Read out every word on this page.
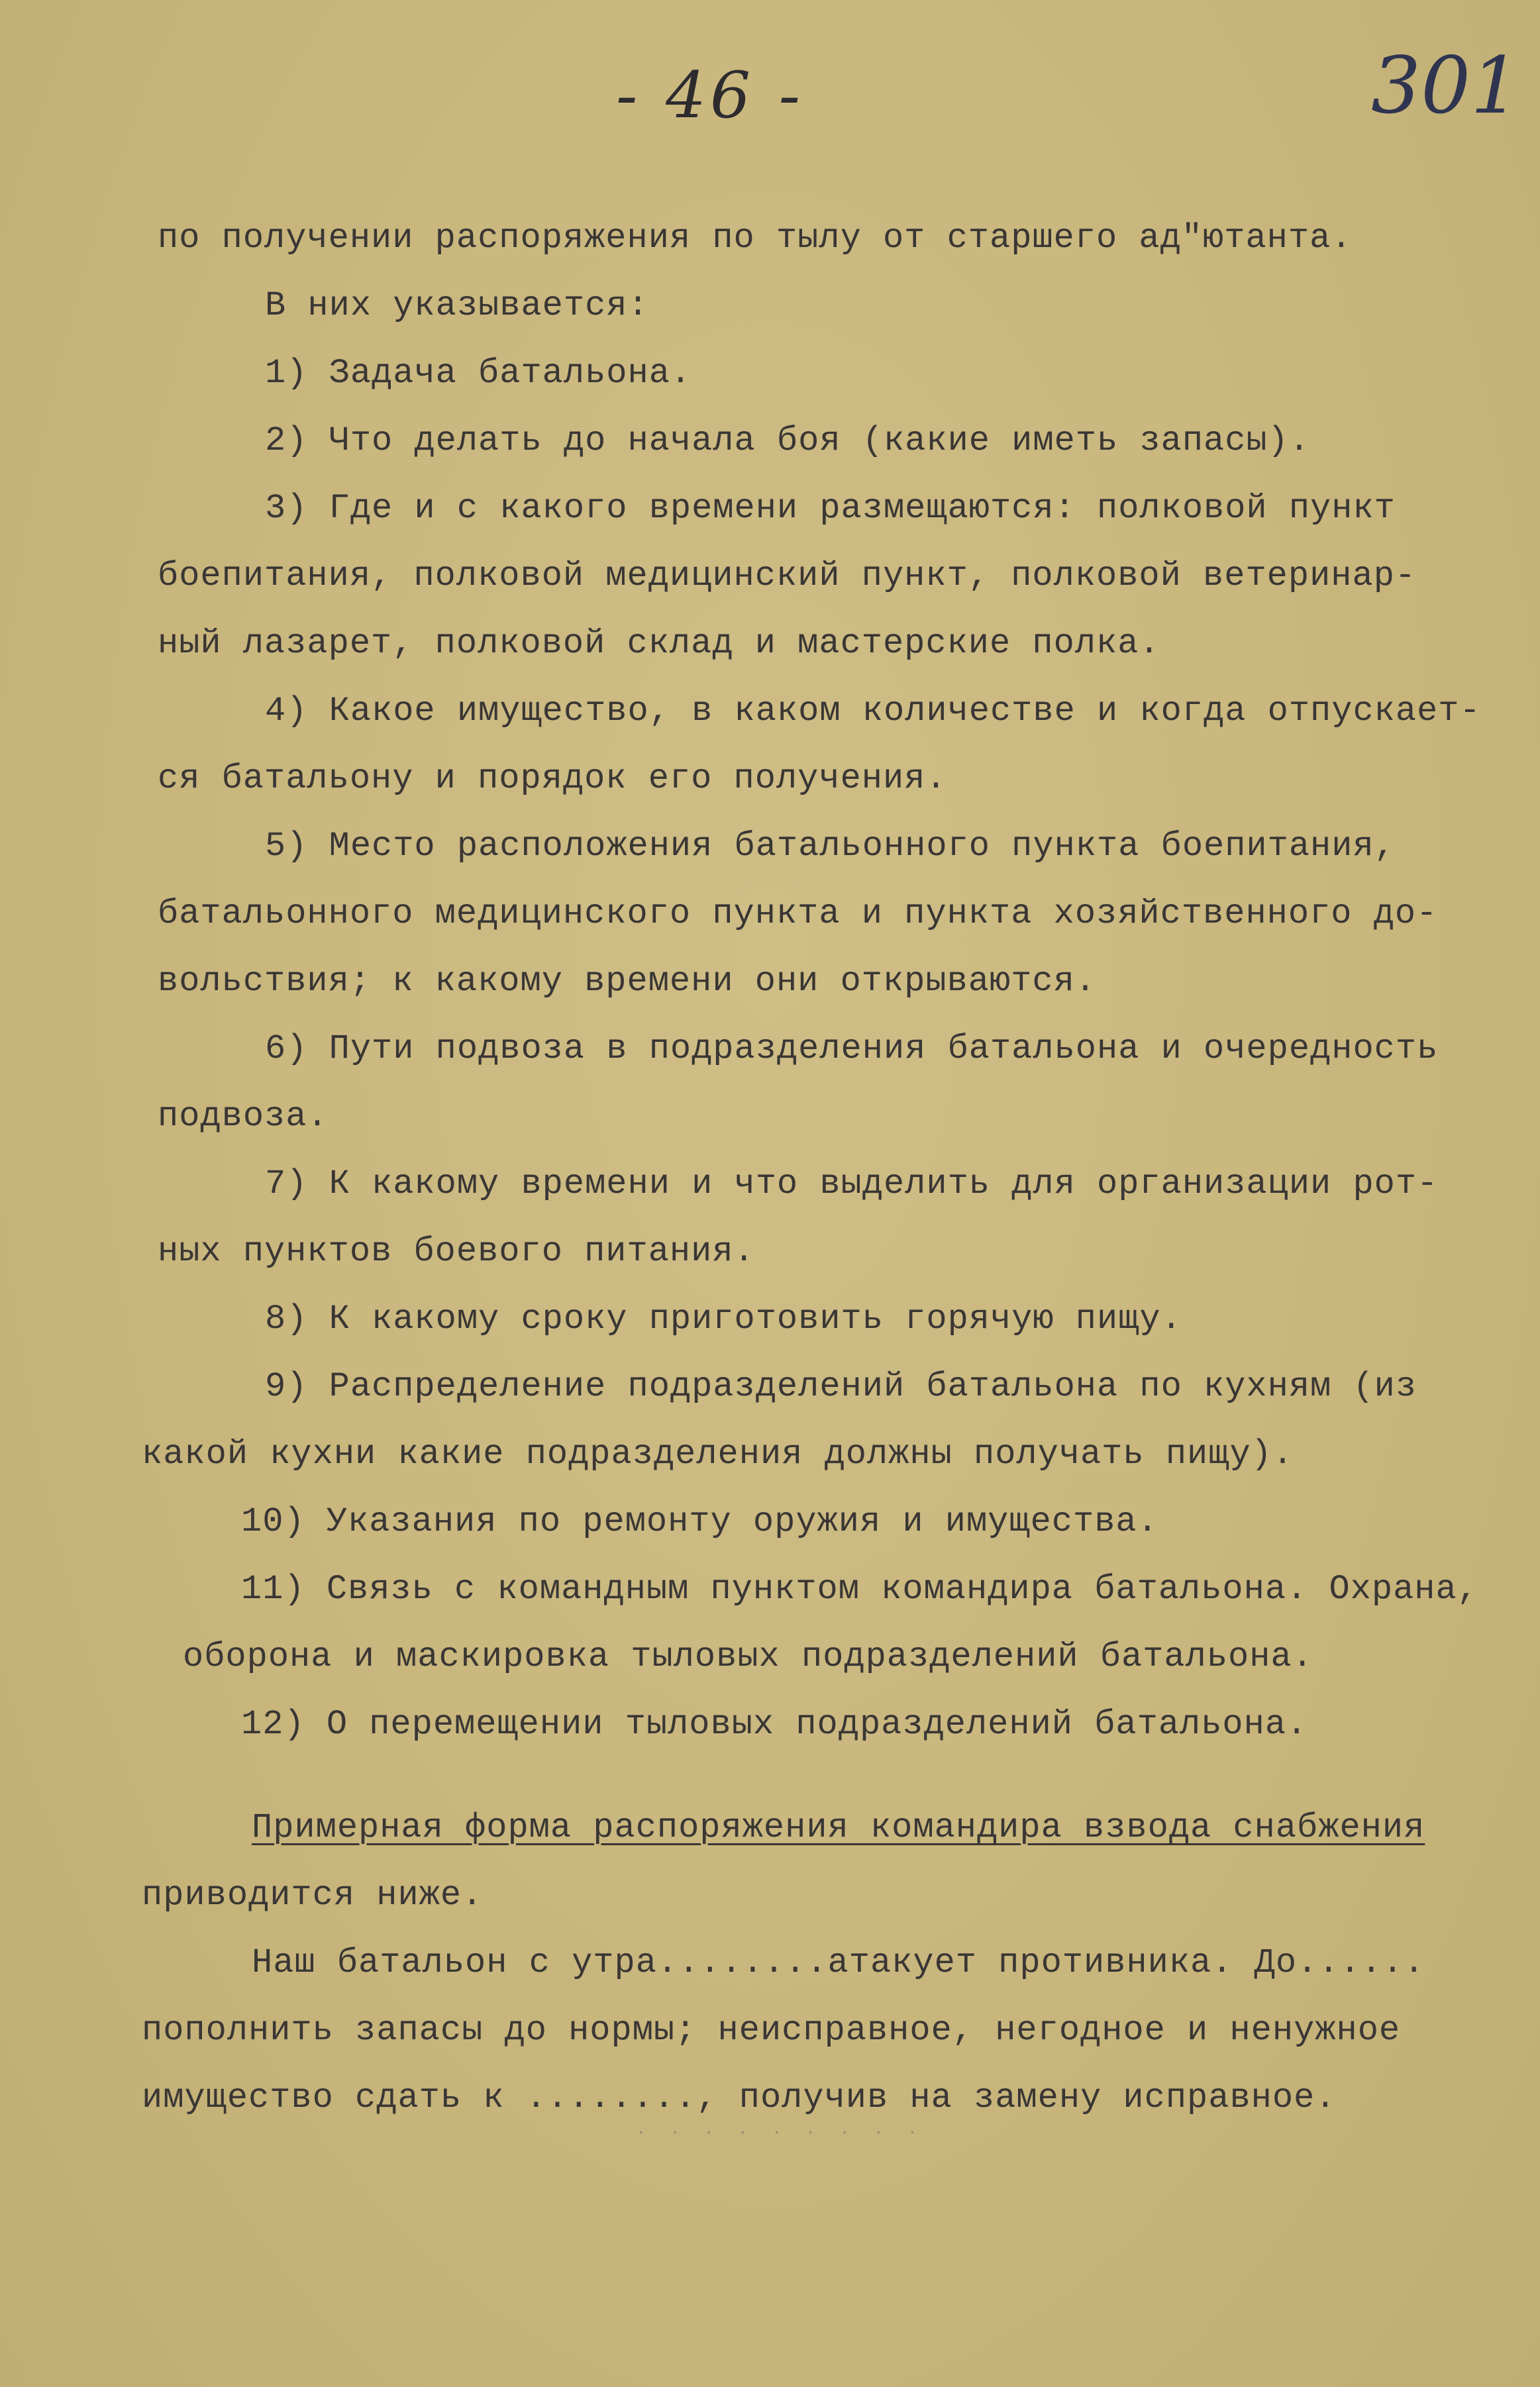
- 46 -	301
по получении распоряжения по тылу от старшего ад"ютанта.
В них указывается:
1) Задача батальона.
2) Что делать до начала боя (какие иметь запасы).
3) Где и с какого времени размещаются: полковой пункт
боепитания, полковой медицинский пункт, полковой ветеринар-
ный лазарет, полковой склад и мастерские полка.
4) Какое имущество, в каком количестве и когда отпускает-
ся батальону и порядок его получения.
5) Место расположения батальонного пункта боепитания,
батальонного медицинского пункта и пункта хозяйственного до-
вольствия; к какому времени они открываются.
6) Пути подвоза в подразделения батальона и очередность
подвоза.
7) К какому времени и что выделить для организации рот-
ных пунктов боевого питания.
8) К какому сроку приготовить горячую пищу.
9) Распределение подразделений батальона по кухням (из
какой кухни какие подразделения должны получать пищу).
10) Указания по ремонту оружия и имущества.
11) Связь с командным пунктом командира батальона. Охрана,
оборона и маскировка тыловых подразделений батальона.
12) О перемещении тыловых подразделений батальона.
Примерная форма распоряжения командира взвода снабжения
приводится ниже.
Наш батальон с утра........атакует противника. До......
пополнить запасы до нормы; неисправное, негодное и ненужное
имущество сдать к ........, получив на замену исправное.
· · · · · · · · ·
